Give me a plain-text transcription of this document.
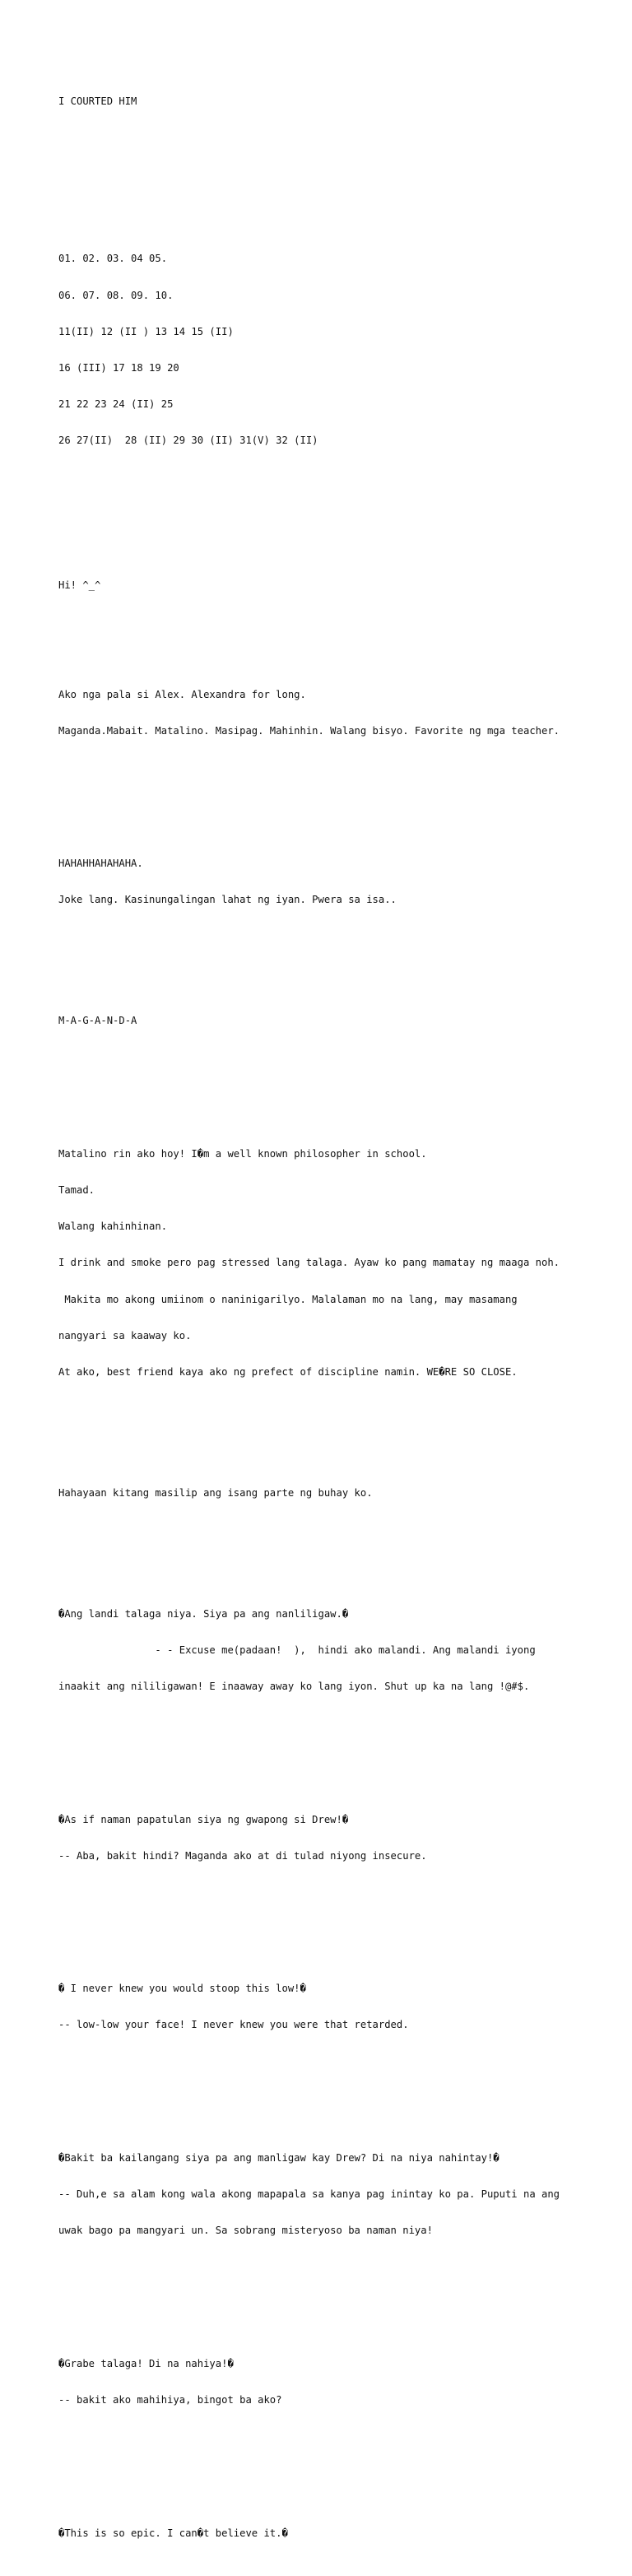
I COURTED HIM

01. 02. 03. 04 05.

06. 07. 08. 09. 10.

11(II) 12 (II ) 13 14 15 (II)

16 (III) 17 18 19 20

21 22 23 24 (II) 25

26 27(II)  28 (II) 29 30 (II) 31(V) 32 (II)

Hi! ^_^

Ako nga pala si Alex. Alexandra for long.

Maganda.Mabait. Matalino. Masipag. Mahinhin. Walang bisyo. Favorite ng mga teacher.

HAHAHHAHAHAHA.

Joke lang. Kasinungalingan lahat ng iyan. Pwera sa isa..

M-A-G-A-N-D-A

Matalino rin ako hoy! I�m a well known philosopher in school.

Tamad.

Walang kahinhinan.

I drink and smoke pero pag stressed lang talaga. Ayaw ko pang mamatay ng maaga noh.

Makita mo akong umiinom o naninigarilyo. Malalaman mo na lang, may masamang

nangyari sa kaaway ko.

At ako, best friend kaya ako ng prefect of discipline namin. WE�RE SO CLOSE.

Hahayaan kitang masilip ang isang parte ng buhay ko.

�Ang landi talaga niya. Siya pa ang nanliligaw.�

- - Excuse me(padaan!  ),  hindi ako malandi. Ang malandi iyong

inaakit ang nililigawan! E inaaway away ko lang iyon. Shut up ka na lang !@#$.

�As if naman papatulan siya ng gwapong si Drew!�

-- Aba, bakit hindi? Maganda ako at di tulad niyong insecure.

� I never knew you would stoop this low!�

-- low-low your face! I never knew you were that retarded.

�Bakit ba kailangang siya pa ang manligaw kay Drew? Di na niya nahintay!�

-- Duh,e sa alam kong wala akong mapapala sa kanya pag inintay ko pa. Puputi na ang

uwak bago pa mangyari un. Sa sobrang misteryoso ba naman niya!

�Grabe talaga! Di na nahiya!�

-- bakit ako mahihiya, bingot ba ako?

�This is so epic. I can�t believe it.�
